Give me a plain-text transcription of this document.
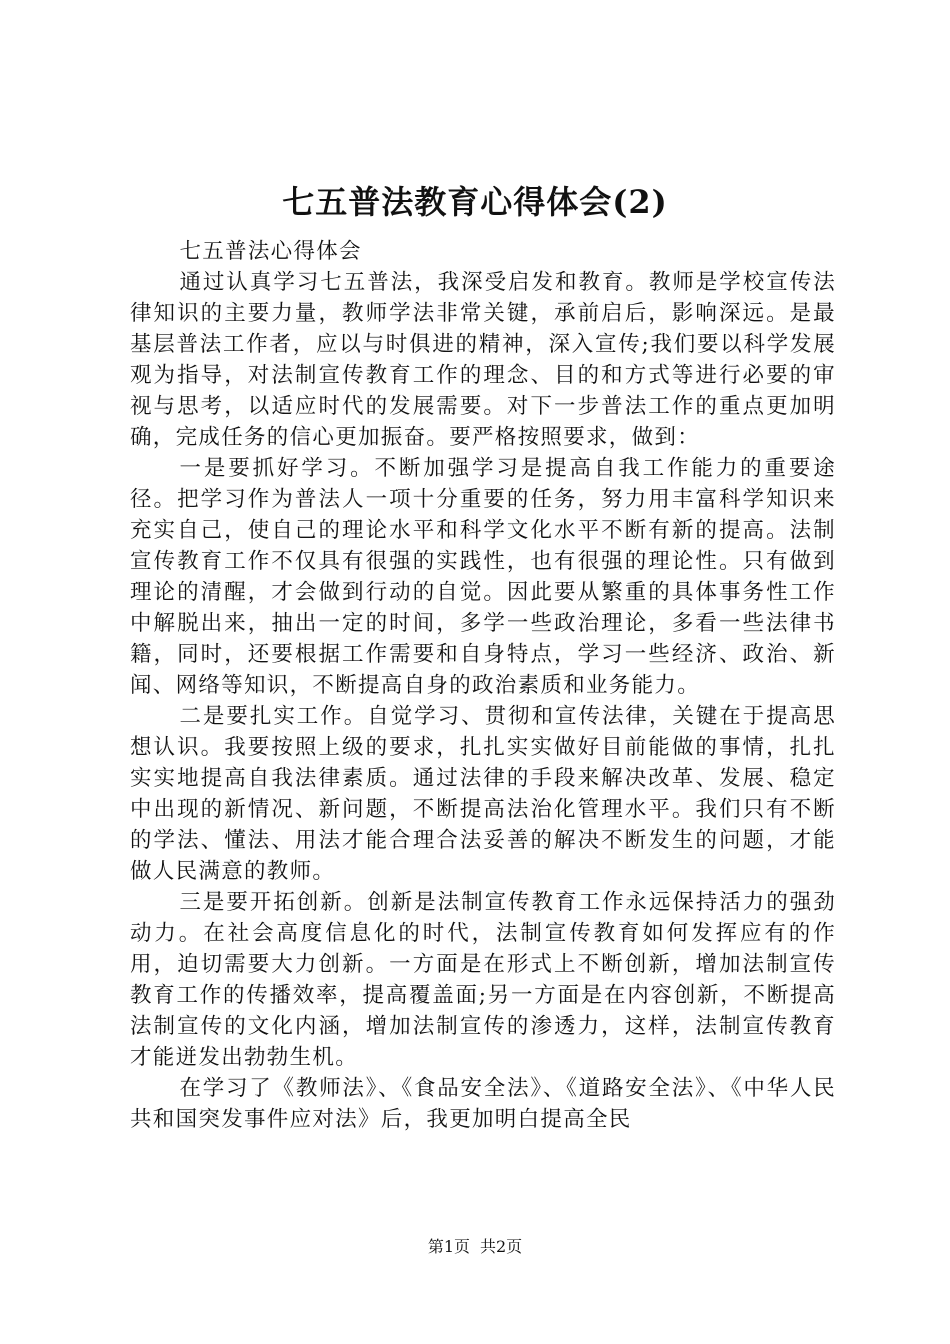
七五普法教育心得体会(2)

七五普法心得体会

通过认真学习七五普法，我深受启发和教育。教师是学校宣传法律知识的主要力量，教师学法非常关键，承前启后，影响深远。是最基层普法工作者，应以与时俱进的精神，深入宣传;我们要以科学发展观为指导，对法制宣传教育工作的理念、目的和方式等进行必要的审视与思考，以适应时代的发展需要。对下一步普法工作的重点更加明确，完成任务的信心更加振奋。要严格按照要求，做到：

一是要抓好学习。不断加强学习是提高自我工作能力的重要途径。把学习作为普法人一项十分重要的任务，努力用丰富科学知识来充实自己，使自己的理论水平和科学文化水平不断有新的提高。法制宣传教育工作不仅具有很强的实践性，也有很强的理论性。只有做到理论的清醒，才会做到行动的自觉。因此要从繁重的具体事务性工作中解脱出来，抽出一定的时间，多学一些政治理论，多看一些法律书籍，同时，还要根据工作需要和自身特点，学习一些经济、政治、新闻、网络等知识，不断提高自身的政治素质和业务能力。

二是要扎实工作。自觉学习、贯彻和宣传法律，关键在于提高思想认识。我要按照上级的要求，扎扎实实做好目前能做的事情，扎扎实实地提高自我法律素质。通过法律的手段来解决改革、发展、稳定中出现的新情况、新问题，不断提高法治化管理水平。我们只有不断的学法、懂法、用法才能合理合法妥善的解决不断发生的问题，才能做人民满意的教师。

三是要开拓创新。创新是法制宣传教育工作永远保持活力的强劲动力。在社会高度信息化的时代，法制宣传教育如何发挥应有的作用，迫切需要大力创新。一方面是在形式上不断创新，增加法制宣传教育工作的传播效率，提高覆盖面;另一方面是在内容创新，不断提高法制宣传的文化内涵，增加法制宣传的渗透力，这样，法制宣传教育才能迸发出勃勃生机。

在学习了《教师法》、《食品安全法》、《道路安全法》、《中华人民共和国突发事件应对法》后，我更加明白提高全民

第1页 共2页
